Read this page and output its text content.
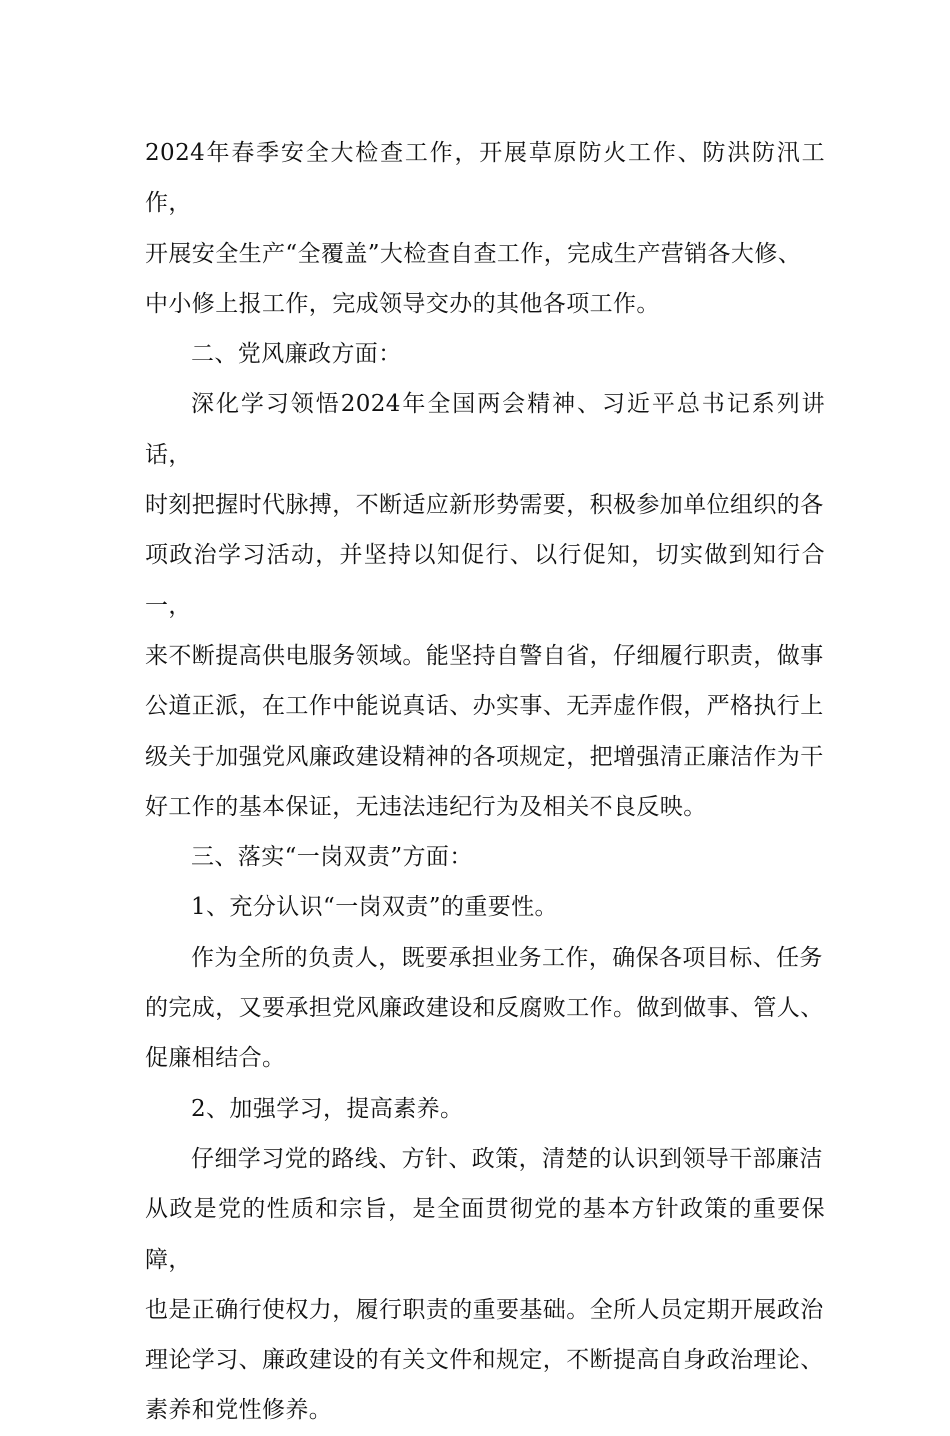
2024年春季安全大检查工作，开展草原防火工作、防洪防汛工作，
开展安全生产“全覆盖”大检查自查工作，完成生产营销各大修、
中小修上报工作，完成领导交办的其他各项工作。

二、党风廉政方面：

深化学习领悟2024年全国两会精神、习近平总书记系列讲话，
时刻把握时代脉搏，不断适应新形势需要，积极参加单位组织的各
项政治学习活动，并坚持以知促行、以行促知，切实做到知行合一，
来不断提高供电服务领域。能坚持自警自省，仔细履行职责，做事
公道正派，在工作中能说真话、办实事、无弄虚作假，严格执行上
级关于加强党风廉政建设精神的各项规定，把增强清正廉洁作为干
好工作的基本保证，无违法违纪行为及相关不良反映。

三、落实“一岗双责”方面：

1、充分认识“一岗双责”的重要性。

作为全所的负责人，既要承担业务工作，确保各项目标、任务
的完成，又要承担党风廉政建设和反腐败工作。做到做事、管人、
促廉相结合。

2、加强学习，提高素养。

仔细学习党的路线、方针、政策，清楚的认识到领导干部廉洁
从政是党的性质和宗旨，是全面贯彻党的基本方针政策的重要保障，
也是正确行使权力，履行职责的重要基础。全所人员定期开展政治
理论学习、廉政建设的有关文件和规定，不断提高自身政治理论、
素养和党性修养。
